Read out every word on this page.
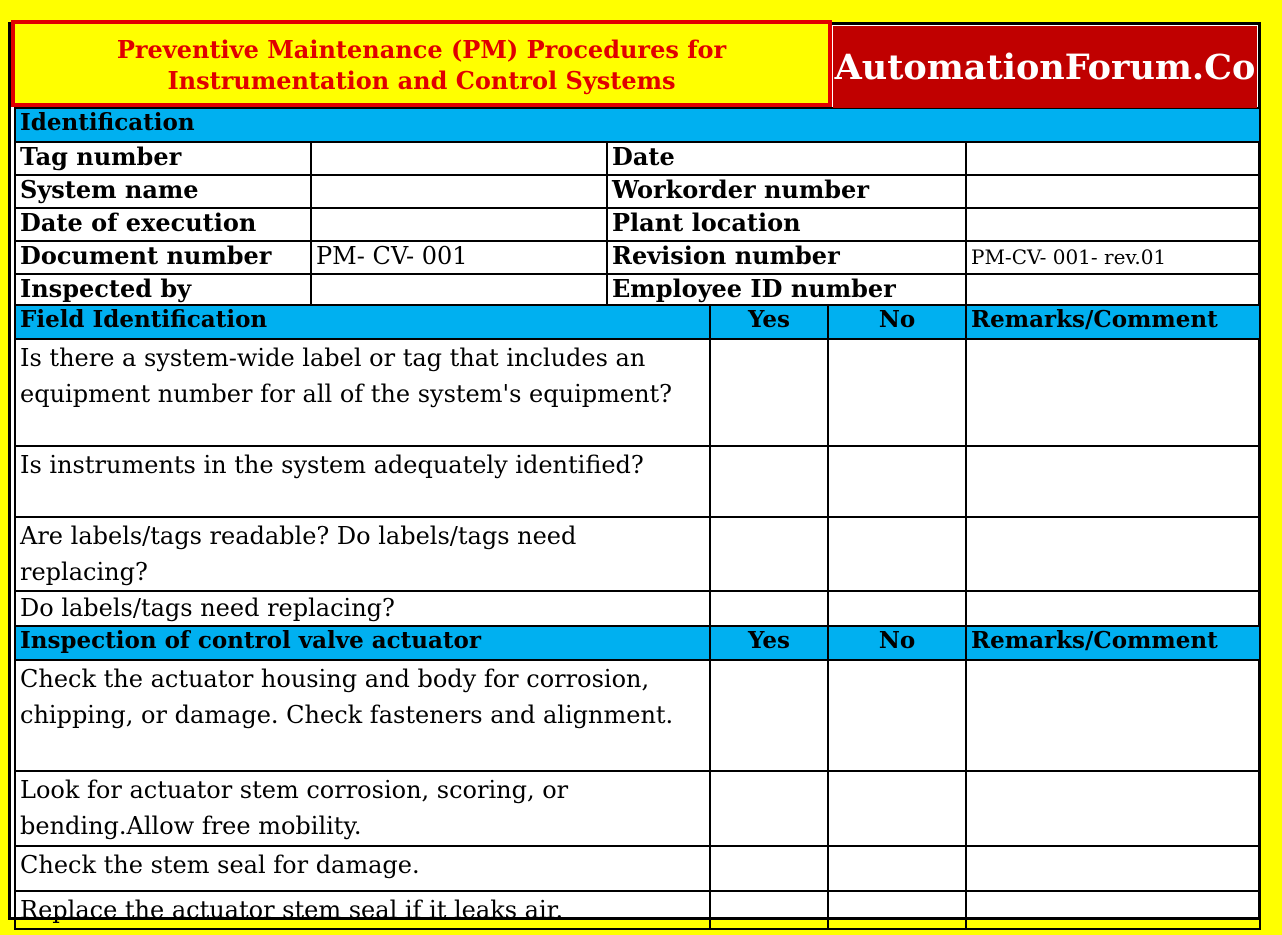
Preventive Maintenance (PM) Procedures for
Instrumentation and Control Systems	AutomationForum.Co
Identification			
Tag number		Date	
System name		Workorder number	
Date of execution		Plant location	
Document number	PM- CV- 001	Revision number	PM-CV- 001- rev.01
Inspected by		Employee ID number	
Field Identification	Yes	No	Remarks/Comment
Is there a system-wide label or tag that includes an equipment number for all of the system's equipment?			
Is instruments in the system adequately identified?			
Are labels/tags readable? Do labels/tags need replacing?			
Do labels/tags need replacing?			
Inspection of control valve actuator	Yes	No	Remarks/Comment
Check the actuator housing and body for corrosion, chipping, or damage. Check fasteners and alignment.			
Look for actuator stem corrosion, scoring, or bending.Allow free mobility.			
Check the stem seal for damage.			
Replace the actuator stem seal if it leaks air.			
